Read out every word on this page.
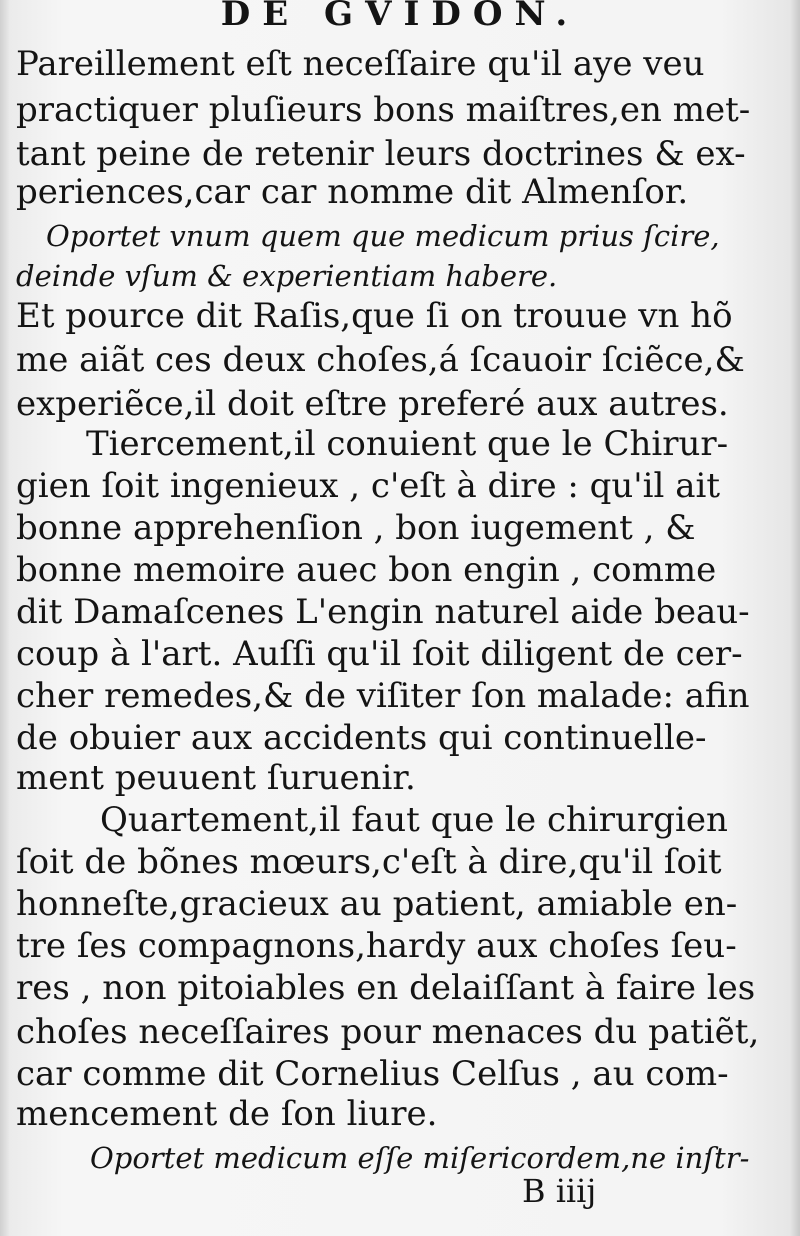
DE GVIDON.
Pareillement eſt neceſſaire qu'il aye veu
practiquer pluſieurs bons maiſtres,en met-
tant peine de retenir leurs doctrines & ex-
periences,car car nomme dit Almenſor.
Oportet vnum quem que medicum prius ſcire,
deinde vſum & experientiam habere.
Et pource dit Raſis,que ſi on trouue vn hõ
me aiãt ces deux choſes,á ſcauoir ſciẽce,&
experiẽce,il doit eſtre preferé aux autres.
Tiercement,il conuient que le Chirur-
gien ſoit ingenieux , c'eſt à dire : qu'il ait
bonne apprehenſion , bon iugement , &
bonne memoire auec bon engin , comme
dit Damaſcenes L'engin naturel aide beau-
coup à l'art. Auſſi qu'il ſoit diligent de cer-
cher remedes,& de viſiter ſon malade: afin
de obuier aux accidents qui continuelle-
ment peuuent ſuruenir.
Quartement,il faut que le chirurgien
ſoit de bõnes mœurs,c'eſt à dire,qu'il ſoit
honneſte,gracieux au patient, amiable en-
tre ſes compagnons,hardy aux choſes ſeu-
res , non pitoiables en delaiſſant à faire les
choſes neceſſaires pour menaces du patiẽt,
car comme dit Cornelius Celſus , au com-
mencement de ſon liure.
Oportet medicum eſſe miſericordem,ne inſtr-
B iiij
